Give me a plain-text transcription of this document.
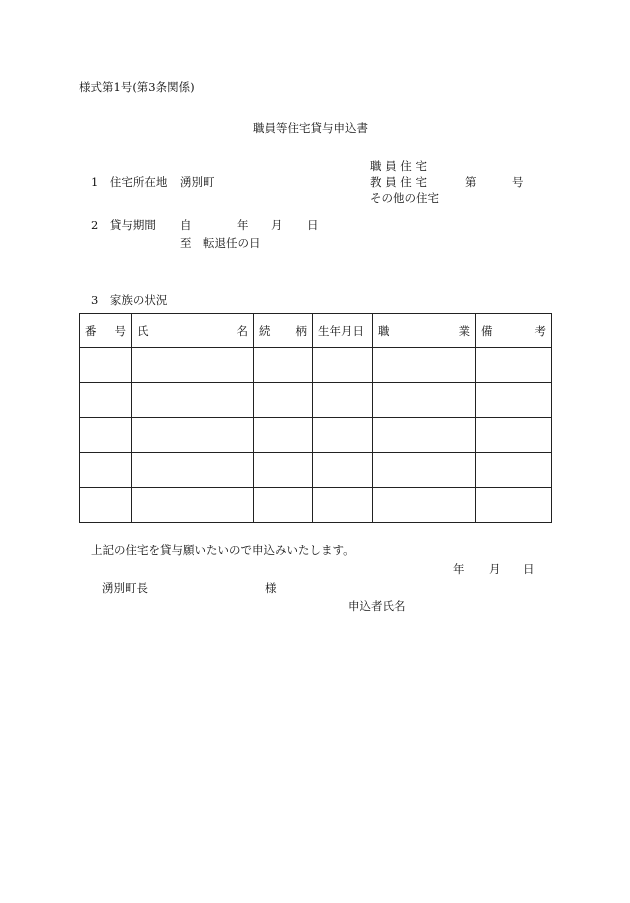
様式第1号(第3条関係)
職員等住宅貸与申込書
1　住宅所在地 湧別町
職 員 住 宅
教 員 住 宅
その他の住宅
第	号
2　貸与期間 自	年 月 日
至　転退任の日
3　家族の状況
番 号	氏 名	続 柄	生年月日	職 業	備 考

上記の住宅を貸与願いたいので申込みいたします。
年 月 日
湧別町長	様
申込者氏名
